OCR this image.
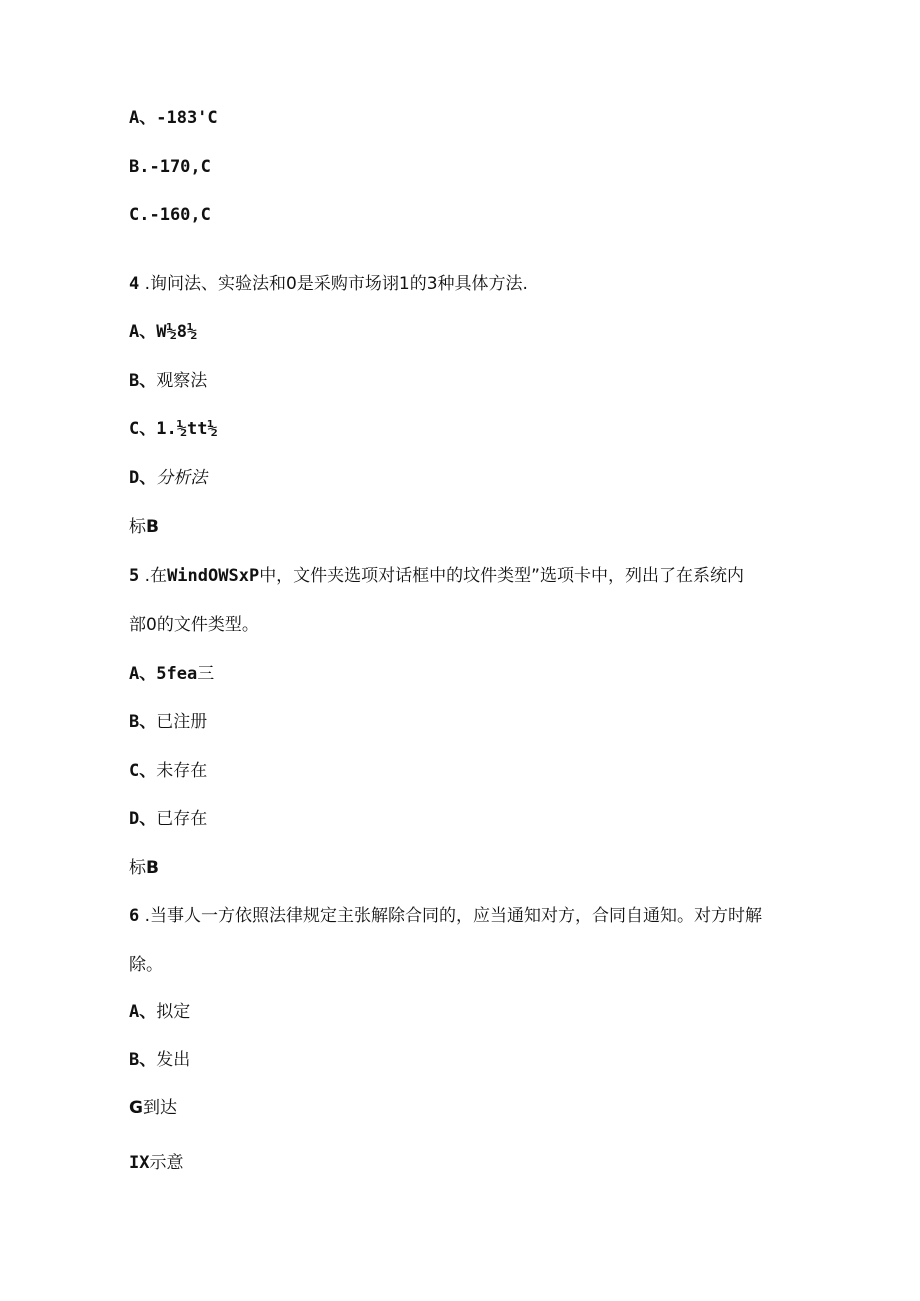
A、-183'C
B.-170,C
C.-160,C
4 .询问法、实验法和0是采购市场诩1的3种具体方法.
A、W½8½
B、观察法
C、1.½tt½
D、分析法
标B
5 .在WindOWSxP中，文件夹选项对话框中的坟件类型”选项卡中，列出了在系统内
部0的文件类型。
A、5fea三
B、已注册
C、未存在
D、已存在
标B
6 .当事人一方依照法律规定主张解除合同的，应当通知对方，合同自通知。对方时解
除。
A、拟定
B、发出
G到达
IX示意
